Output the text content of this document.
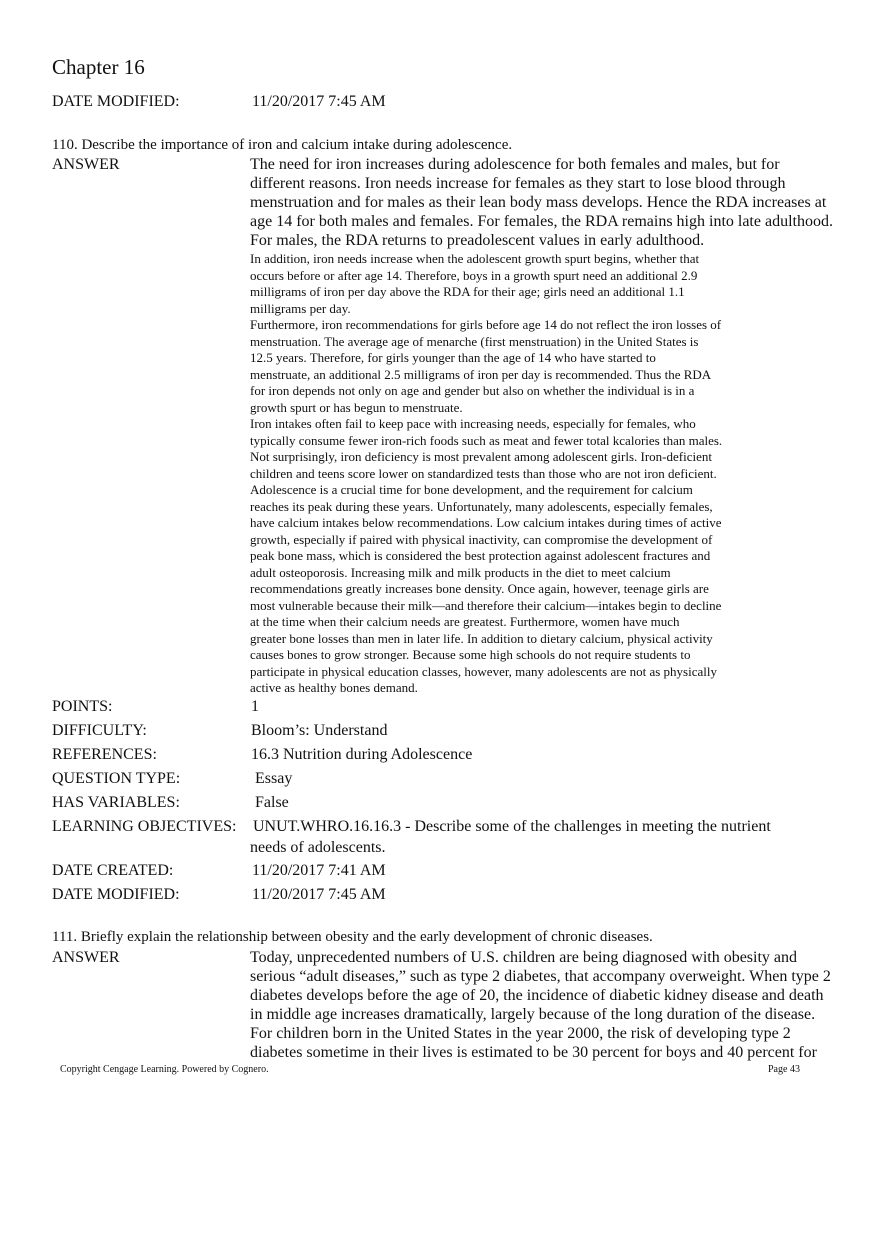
Chapter 16
DATE MODIFIED:	11/20/2017 7:45 AM
110. Describe the importance of iron and calcium intake during adolescence.
ANSWER	The need for iron increases during adolescence for both females and males, but for
different reasons. Iron needs increase for females as they start to lose blood through
menstruation and for males as their lean body mass develops. Hence the RDA increases at
age 14 for both males and females. For females, the RDA remains high into late adulthood.
For males, the RDA returns to preadolescent values in early adulthood.
In addition, iron needs increase when the adolescent growth spurt begins, whether that
occurs before or after age 14. Therefore, boys in a growth spurt need an additional 2.9
milligrams of iron per day above the RDA for their age; girls need an additional 1.1
milligrams per day.
Furthermore, iron recommendations for girls before age 14 do not reflect the iron losses of
menstruation. The average age of menarche (first menstruation) in the United States is
12.5 years. Therefore, for girls younger than the age of 14 who have started to
menstruate, an additional 2.5 milligrams of iron per day is recommended. Thus the RDA
for iron depends not only on age and gender but also on whether the individual is in a
growth spurt or has begun to menstruate.
Iron intakes often fail to keep pace with increasing needs, especially for females, who
typically consume fewer iron-rich foods such as meat and fewer total kcalories than males.
Not surprisingly, iron deficiency is most prevalent among adolescent girls. Iron-deficient
children and teens score lower on standardized tests than those who are not iron deficient.
Adolescence is a crucial time for bone development, and the requirement for calcium
reaches its peak during these years. Unfortunately, many adolescents, especially females,
have calcium intakes below recommendations. Low calcium intakes during times of active
growth, especially if paired with physical inactivity, can compromise the development of
peak bone mass, which is considered the best protection against adolescent fractures and
adult osteoporosis. Increasing milk and milk products in the diet to meet calcium
recommendations greatly increases bone density. Once again, however, teenage girls are
most vulnerable because their milk—and therefore their calcium—intakes begin to decline
at the time when their calcium needs are greatest. Furthermore, women have much
greater bone losses than men in later life. In addition to dietary calcium, physical activity
causes bones to grow stronger. Because some high schools do not require students to
participate in physical education classes, however, many adolescents are not as physically
active as healthy bones demand.
POINTS:	1
DIFFICULTY:	Bloom’s: Understand
REFERENCES:	16.3 Nutrition during Adolescence
QUESTION TYPE:	Essay
HAS VARIABLES:	False
LEARNING OBJECTIVES: UNUT.WHRO.16.16.3 - Describe some of the challenges in meeting the nutrient
needs of adolescents.
DATE CREATED:	11/20/2017 7:41 AM
DATE MODIFIED:	11/20/2017 7:45 AM
111. Briefly explain the relationship between obesity and the early development of chronic diseases.
ANSWER	Today, unprecedented numbers of U.S. children are being diagnosed with obesity and
serious “adult diseases,” such as type 2 diabetes, that accompany overweight. When type 2
diabetes develops before the age of 20, the incidence of diabetic kidney disease and death
in middle age increases dramatically, largely because of the long duration of the disease.
For children born in the United States in the year 2000, the risk of developing type 2
diabetes sometime in their lives is estimated to be 30 percent for boys and 40 percent for
Copyright Cengage Learning. Powered by Cognero.	Page 43
